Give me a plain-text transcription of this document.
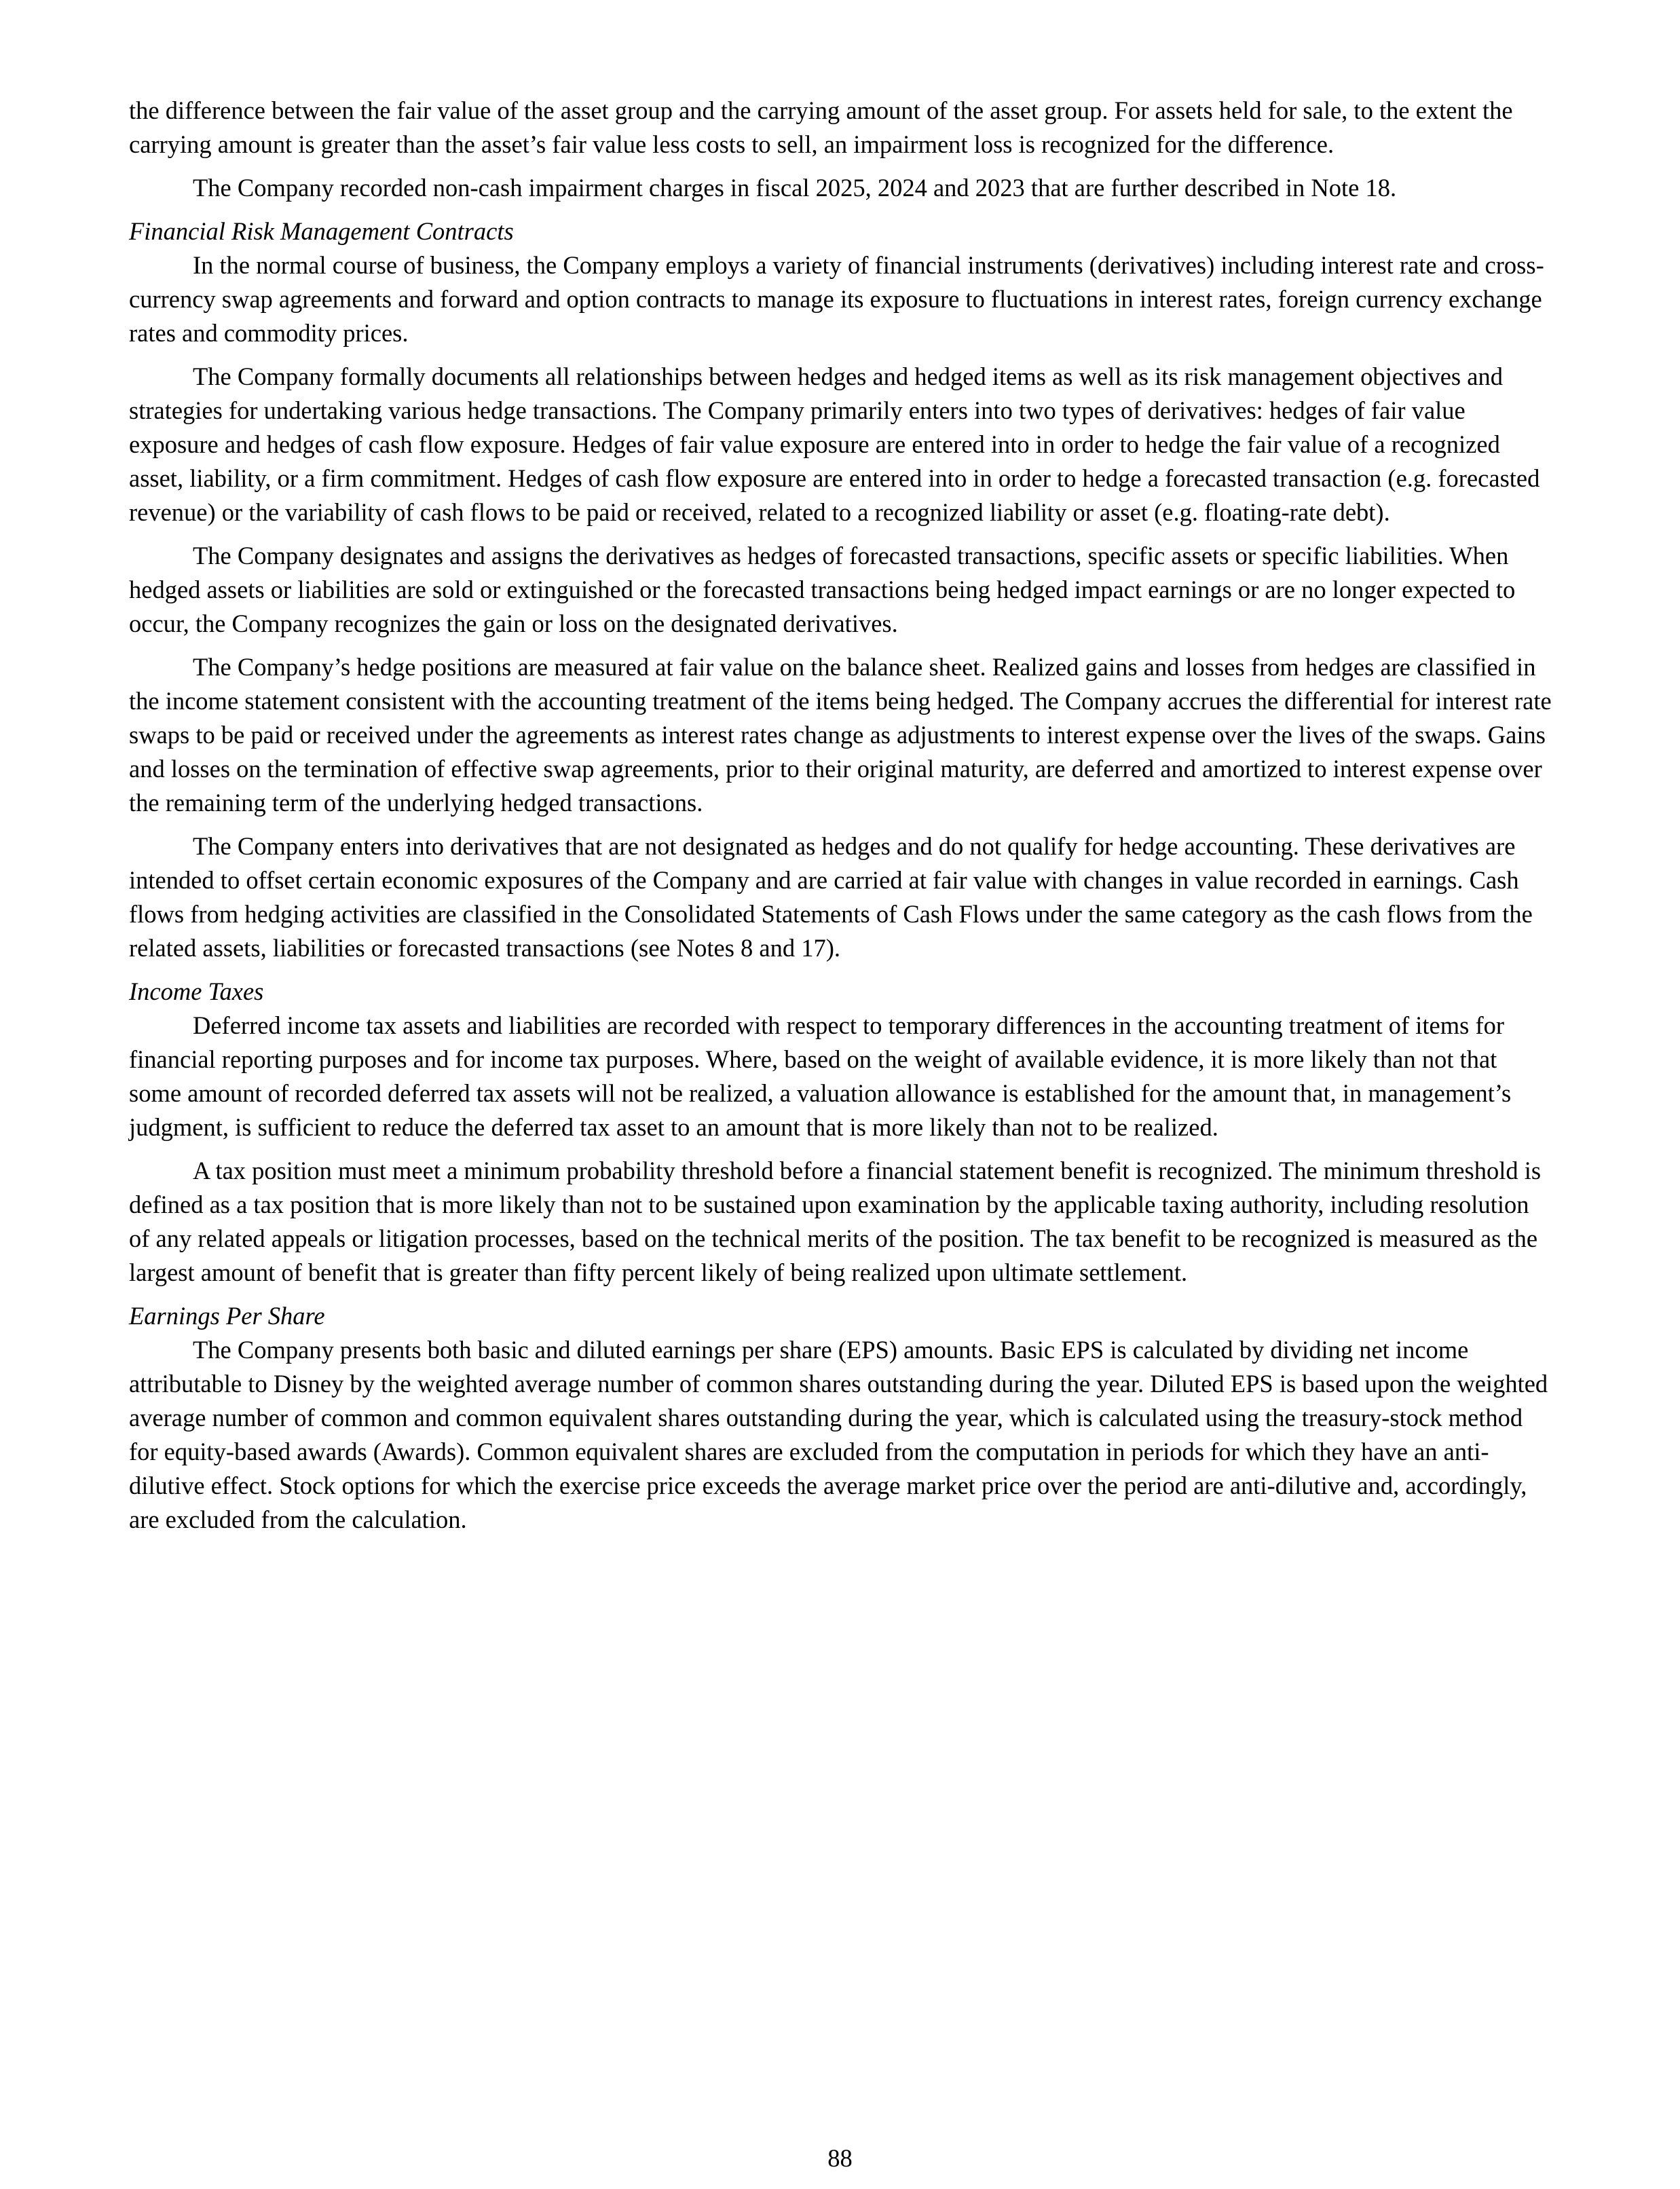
the difference between the fair value of the asset group and the carrying amount of the asset group. For assets held for sale, to the extent the carrying amount is greater than the asset’s fair value less costs to sell, an impairment loss is recognized for the difference.

The Company recorded non-cash impairment charges in fiscal 2025, 2024 and 2023 that are further described in Note 18.

Financial Risk Management Contracts

In the normal course of business, the Company employs a variety of financial instruments (derivatives) including interest rate and cross-currency swap agreements and forward and option contracts to manage its exposure to fluctuations in interest rates, foreign currency exchange rates and commodity prices.

The Company formally documents all relationships between hedges and hedged items as well as its risk management objectives and strategies for undertaking various hedge transactions. The Company primarily enters into two types of derivatives: hedges of fair value exposure and hedges of cash flow exposure. Hedges of fair value exposure are entered into in order to hedge the fair value of a recognized asset, liability, or a firm commitment. Hedges of cash flow exposure are entered into in order to hedge a forecasted transaction (e.g. forecasted revenue) or the variability of cash flows to be paid or received, related to a recognized liability or asset (e.g. floating-rate debt).

The Company designates and assigns the derivatives as hedges of forecasted transactions, specific assets or specific liabilities. When hedged assets or liabilities are sold or extinguished or the forecasted transactions being hedged impact earnings or are no longer expected to occur, the Company recognizes the gain or loss on the designated derivatives.

The Company’s hedge positions are measured at fair value on the balance sheet. Realized gains and losses from hedges are classified in the income statement consistent with the accounting treatment of the items being hedged. The Company accrues the differential for interest rate swaps to be paid or received under the agreements as interest rates change as adjustments to interest expense over the lives of the swaps. Gains and losses on the termination of effective swap agreements, prior to their original maturity, are deferred and amortized to interest expense over the remaining term of the underlying hedged transactions.

The Company enters into derivatives that are not designated as hedges and do not qualify for hedge accounting. These derivatives are intended to offset certain economic exposures of the Company and are carried at fair value with changes in value recorded in earnings. Cash flows from hedging activities are classified in the Consolidated Statements of Cash Flows under the same category as the cash flows from the related assets, liabilities or forecasted transactions (see Notes 8 and 17).

Income Taxes

Deferred income tax assets and liabilities are recorded with respect to temporary differences in the accounting treatment of items for financial reporting purposes and for income tax purposes. Where, based on the weight of available evidence, it is more likely than not that some amount of recorded deferred tax assets will not be realized, a valuation allowance is established for the amount that, in management’s judgment, is sufficient to reduce the deferred tax asset to an amount that is more likely than not to be realized.

A tax position must meet a minimum probability threshold before a financial statement benefit is recognized. The minimum threshold is defined as a tax position that is more likely than not to be sustained upon examination by the applicable taxing authority, including resolution of any related appeals or litigation processes, based on the technical merits of the position. The tax benefit to be recognized is measured as the largest amount of benefit that is greater than fifty percent likely of being realized upon ultimate settlement.

Earnings Per Share

The Company presents both basic and diluted earnings per share (EPS) amounts. Basic EPS is calculated by dividing net income attributable to Disney by the weighted average number of common shares outstanding during the year. Diluted EPS is based upon the weighted average number of common and common equivalent shares outstanding during the year, which is calculated using the treasury-stock method for equity-based awards (Awards). Common equivalent shares are excluded from the computation in periods for which they have an anti-dilutive effect. Stock options for which the exercise price exceeds the average market price over the period are anti-dilutive and, accordingly, are excluded from the calculation.

88
